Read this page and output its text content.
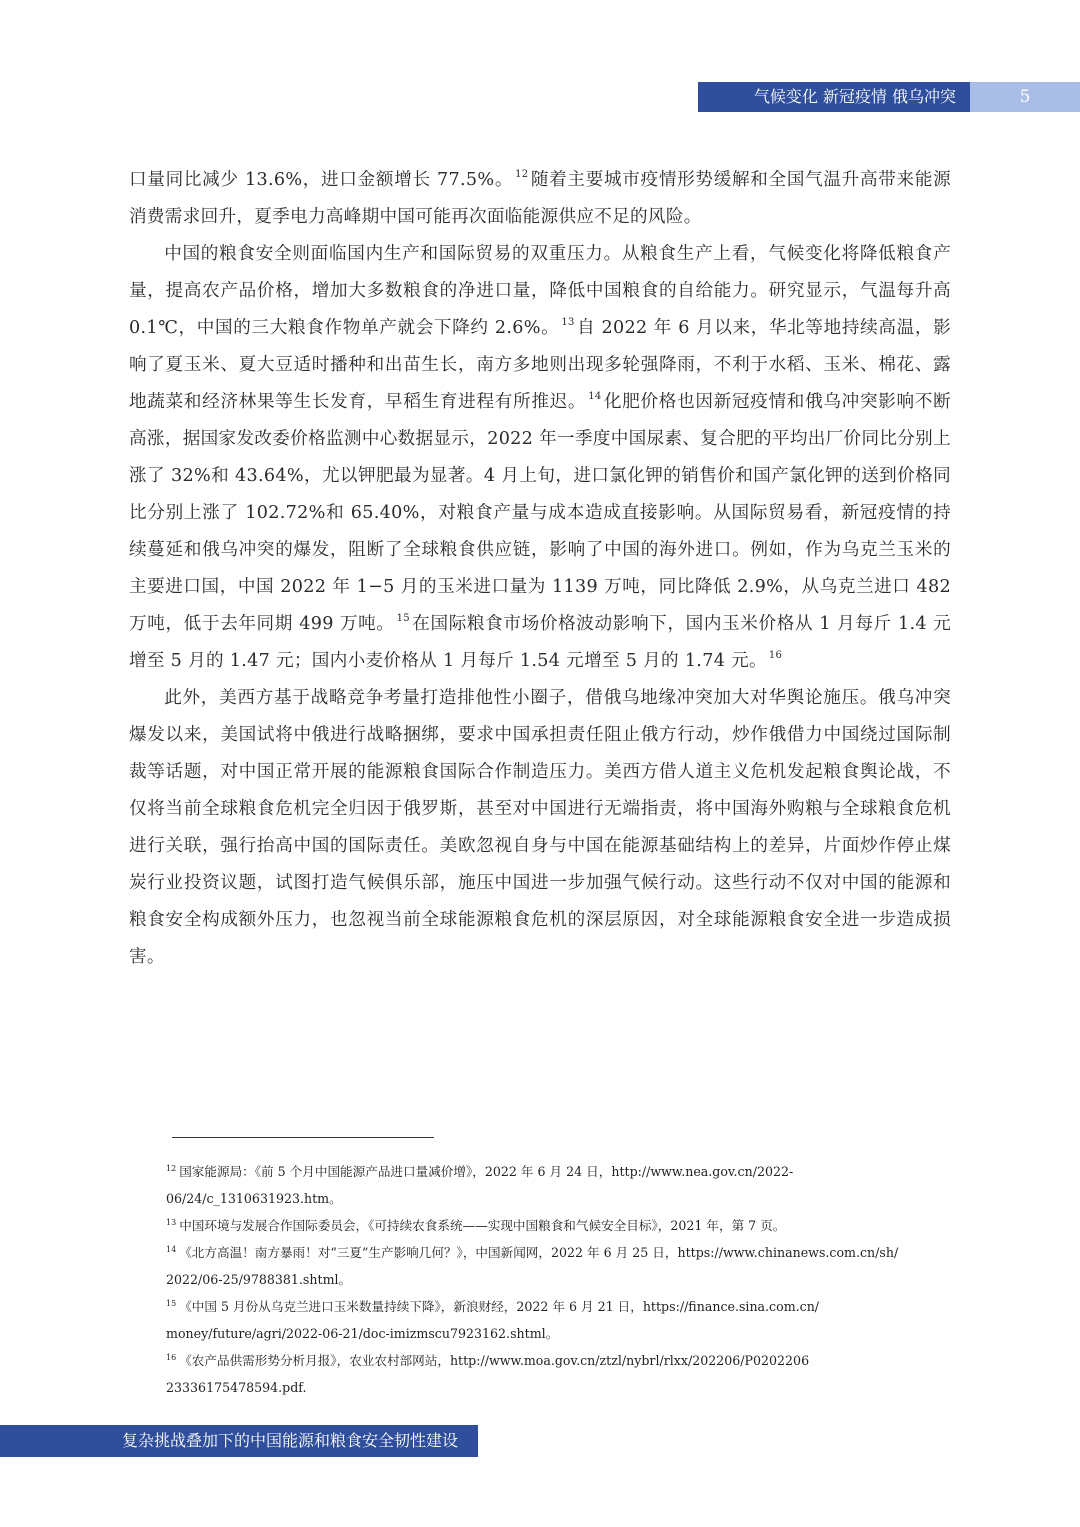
气候变化 新冠疫情 俄乌冲突	5

口量同比减少 13.6%，进口金额增长 77.5%。 $^{12}$ 随着主要城市疫情形势缓解和全国气温升高带来能源消费需求回升，夏季电力高峰期中国可能再次面临能源供应不足的风险。

中国的粮食安全则面临国内生产和国际贸易的双重压力。从粮食生产上看，气候变化将降低粮食产量，提高农产品价格，增加大多数粮食的净进口量，降低中国粮食的自给能力。研究显示，气温每升高 0.1℃，中国的三大粮食作物单产就会下降约 2.6%。 $^{13}$ 自 2022 年 6 月以来，华北等地持续高温，影响了夏玉米、夏大豆适时播种和出苗生长，南方多地则出现多轮强降雨，不利于水稻、玉米、棉花、露地蔬菜和经济林果等生长发育，早稻生育进程有所推迟。 $^{14}$ 化肥价格也因新冠疫情和俄乌冲突影响不断高涨，据国家发改委价格监测中心数据显示，2022 年一季度中国尿素、复合肥的平均出厂价同比分别上涨了 32%和 43.64%，尤以钾肥最为显著。4 月上旬，进口氯化钾的销售价和国产氯化钾的送到价格同比分别上涨了 102.72%和 65.40%，对粮食产量与成本造成直接影响。从国际贸易看，新冠疫情的持续蔓延和俄乌冲突的爆发，阻断了全球粮食供应链，影响了中国的海外进口。例如，作为乌克兰玉米的主要进口国，中国 2022 年 1−5 月的玉米进口量为 1139 万吨，同比降低 2.9%，从乌克兰进口 482 万吨，低于去年同期 499 万吨。 $^{15}$ 在国际粮食市场价格波动影响下，国内玉米价格从 1 月每斤 1.4 元增至 5 月的 1.47 元；国内小麦价格从 1 月每斤 1.54 元增至 5 月的 1.74 元。 $^{16}$

此外，美西方基于战略竞争考量打造排他性小圈子，借俄乌地缘冲突加大对华舆论施压。俄乌冲突爆发以来，美国试将中俄进行战略捆绑，要求中国承担责任阻止俄方行动，炒作俄借力中国绕过国际制裁等话题，对中国正常开展的能源粮食国际合作制造压力。美西方借人道主义危机发起粮食舆论战，不仅将当前全球粮食危机完全归因于俄罗斯，甚至对中国进行无端指责，将中国海外购粮与全球粮食危机进行关联，强行抬高中国的国际责任。美欧忽视自身与中国在能源基础结构上的差异，片面炒作停止煤炭行业投资议题，试图打造气候俱乐部，施压中国进一步加强气候行动。这些行动不仅对中国的能源和粮食安全构成额外压力，也忽视当前全球能源粮食危机的深层原因，对全球能源粮食安全进一步造成损害。

$^{12}$ 国家能源局：《前 5 个月中国能源产品进口量减价增》，2022 年 6 月 24 日，http://www.nea.gov.cn/2022-06/24/c_1310631923.htm。

$^{13}$ 中国环境与发展合作国际委员会，《可持续农食系统——实现中国粮食和气候安全目标》，2021 年，第 7 页。

$^{14}$ 《北方高温！南方暴雨！对“三夏”生产影响几何？》，中国新闻网，2022 年 6 月 25 日，https://www.chinanews.com.cn/sh/ 2022/06-25/9788381.shtml。

$^{15}$ 《中国 5 月份从乌克兰进口玉米数量持续下降》，新浪财经，2022 年 6 月 21 日，https://finance.sina.com.cn/ money/future/agri/2022-06-21/doc-imizmscu7923162.shtml。

$^{16}$ 《农产品供需形势分析月报》，农业农村部网站，http://www.moa.gov.cn/ztzl/nybrl/rlxx/202206/P0202206 23336175478594.pdf.

复杂挑战叠加下的中国能源和粮食安全韧性建设
